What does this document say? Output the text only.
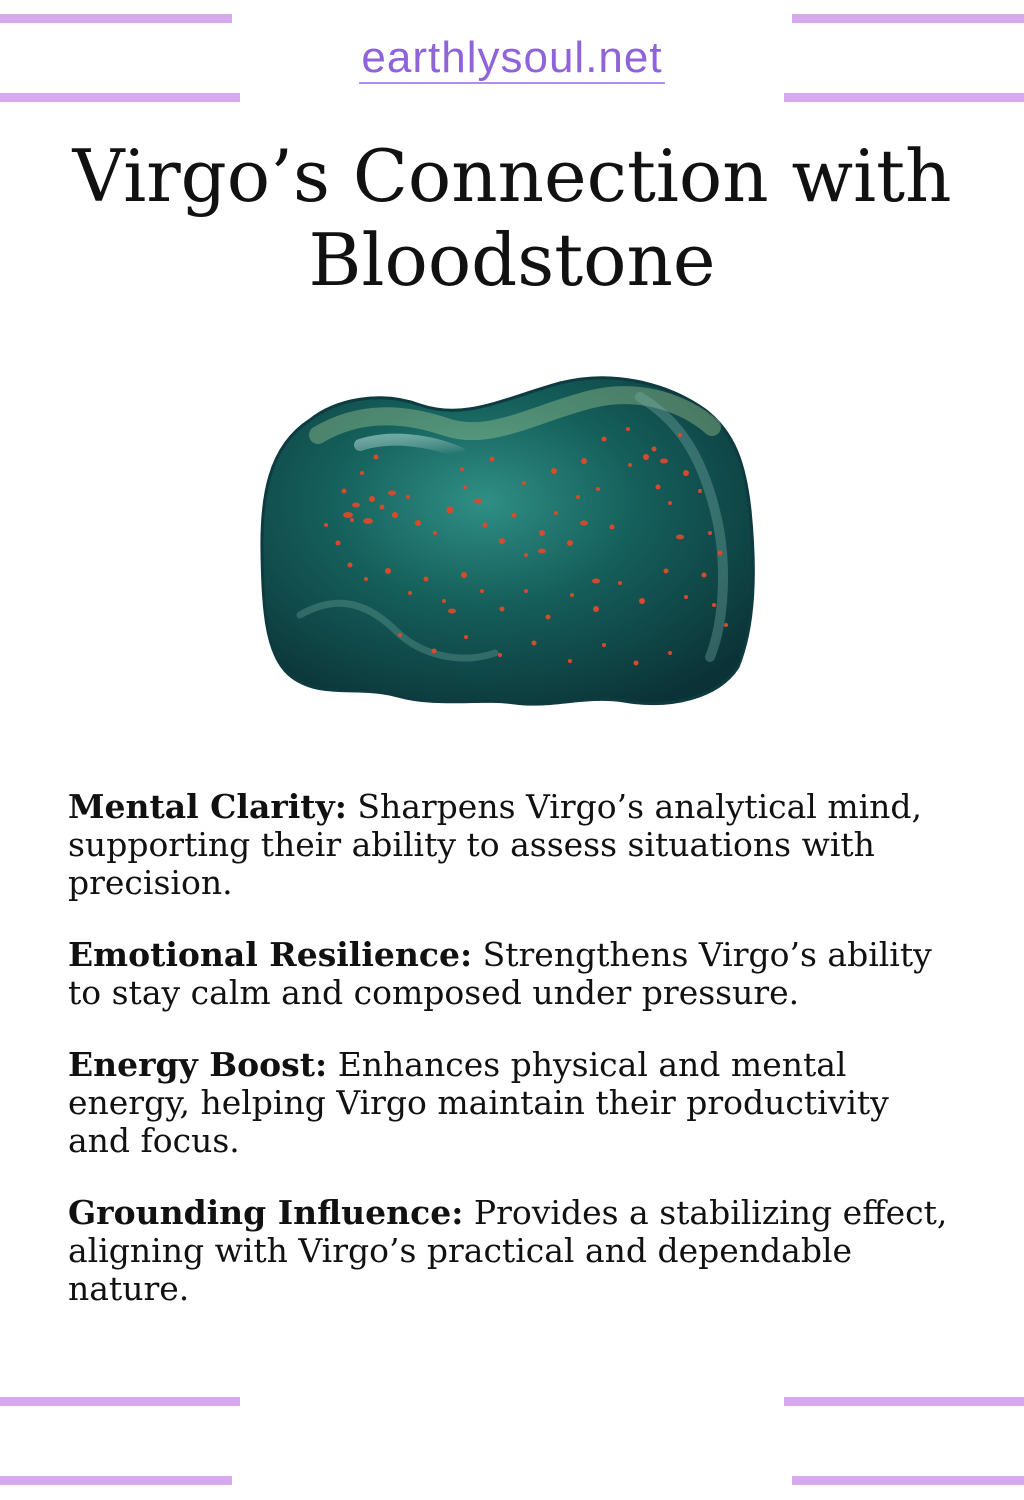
earthlysoul.net
Virgo’s Connection with Bloodstone

Mental Clarity: Sharpens Virgo’s analytical mind, supporting their ability to assess situations with precision.

Emotional Resilience: Strengthens Virgo’s ability to stay calm and composed under pressure.

Energy Boost: Enhances physical and mental energy, helping Virgo maintain their productivity and focus.

Grounding Influence: Provides a stabilizing effect, aligning with Virgo’s practical and dependable nature.
